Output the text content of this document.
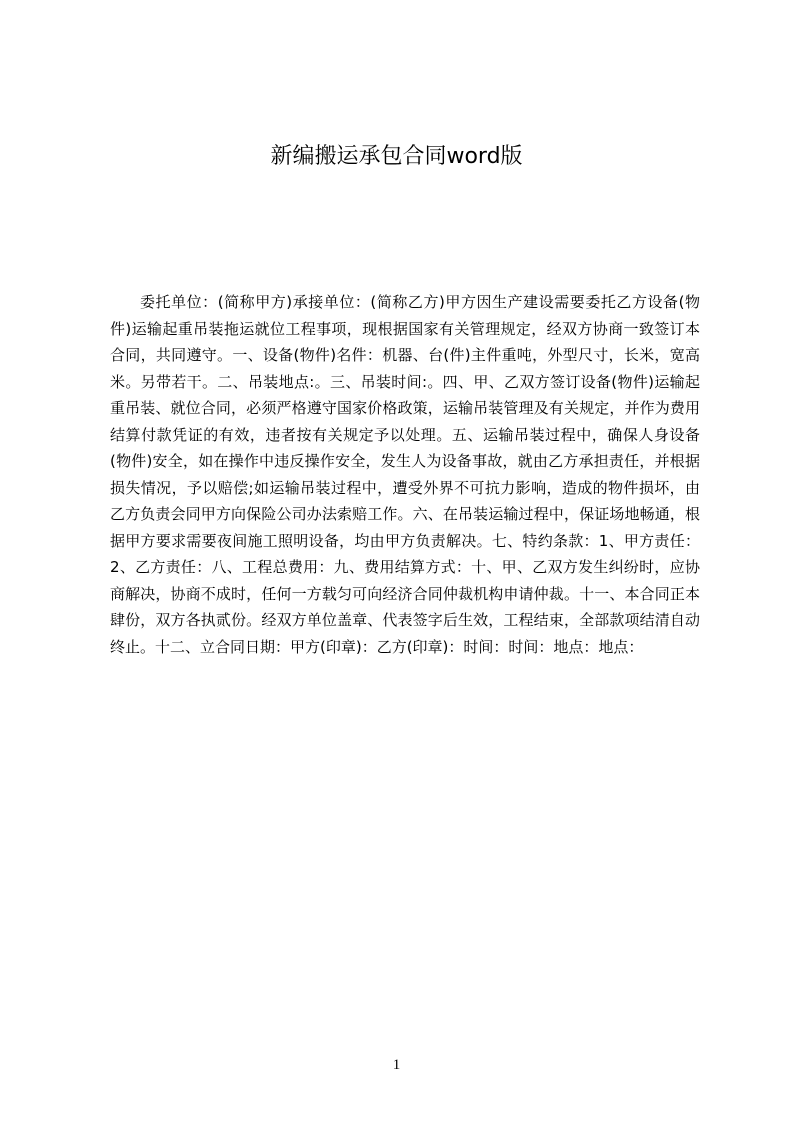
新编搬运承包合同word版

委托单位：(简称甲方)承接单位：(简称乙方)甲方因生产建设需要委托乙方设备(物件)运输起重吊装拖运就位工程事项，现根据国家有关管理规定，经双方协商一致签订本合同，共同遵守。一、设备(物件)名件：机器、台(件)主件重吨，外型尺寸，长米，宽高米。另带若干。二、吊装地点:。三、吊装时间:。四、甲、乙双方签订设备(物件)运输起重吊装、就位合同，必须严格遵守国家价格政策，运输吊装管理及有关规定，并作为费用结算付款凭证的有效，违者按有关规定予以处理。五、运输吊装过程中，确保人身设备(物件)安全，如在操作中违反操作安全，发生人为设备事故，就由乙方承担责任，并根据损失情况，予以赔偿;如运输吊装过程中，遭受外界不可抗力影响，造成的物件损坏，由乙方负责会同甲方向保险公司办法索赔工作。六、在吊装运输过程中，保证场地畅通，根据甲方要求需要夜间施工照明设备，均由甲方负责解决。七、特约条款：1、甲方责任：2、乙方责任：八、工程总费用：九、费用结算方式：十、甲、乙双方发生纠纷时，应协商解决，协商不成时，任何一方载匀可向经济合同仲裁机构申请仲裁。十一、本合同正本肆份，双方各执贰份。经双方单位盖章、代表签字后生效，工程结束，全部款项结清自动终止。十二、立合同日期：甲方(印章)：乙方(印章)：时间：时间：地点：地点：

1
